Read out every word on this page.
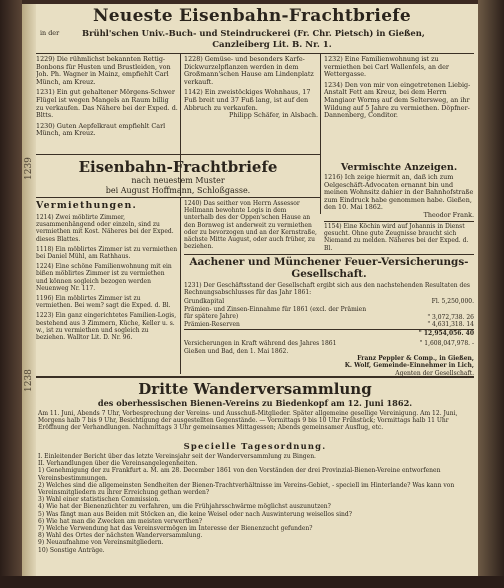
Neueste Eisenbahn-Frachtbriefe
in der	Brühl'schen Univ.-Buch- und Steindruckerei (Fr. Chr. Pietsch) in Gießen,
Canzleiberg Lit. B. Nr. 1.
1229) Die rühmlichst bekannten Rettig-Bonbons für Husten und Brustleiden, von Joh. Ph. Wagner in Mainz, empfiehlt Carl Münch, am Kreuz.
1231) Ein gut gehaltener Mörgens-Schwer Flügel ist wegen Mangels an Raum billig zu verkaufen. Das Nähere bei der Exped. d. Bltts.
1230) Guten Aepfelkraut empfiehlt Carl Münch, am Kreuz.
1228) Gemüse- und besonders Karfe-Dickwurzelpflanzen werden in dem Großmann'schen Hause am Lindenplatz verkauft.
1142) Ein zweistöckiges Wohnhaus, 17 Fuß breit und 37 Fuß lang, ist auf den Abbruch zu verkaufen.
Philipp Schäfer, in Alsbach.
1232) Eine Familienwohnung ist zu vermiethen bei Carl Wallenfels, an der Wettergasse.
1234) Den von mir von eingetretenen Liebig-Anstalt Fett am Kreuz, bei dem Herrn Mangiaor Wormş auf dem Seltersweg, an ihr Wildung auf 5 Jahre zu vermiethen. Döpfner-Dannenberg, Conditor.
Eisenbahn-Frachtbriefe
nach neuestem Muster
bei August Hoffmann, Schloßgasse.
Vermischte Anzeigen.
1216) Ich zeige hiermit an, daß ich zum Oelgeschäft-Advocaten ernannt bin und meinen Wohnsitz dahier in der Bahnhofstraße zum Eindruck habe genommen habe. Gießen, den 10. Mai 1862.
Theodor Frank.
Vermiethungen.
1214) Zwei möblirte Zimmer, zusammenhängend oder einzeln, sind zu vermiethen mit Kost. Näheres bei der Exped. dieses Blattes.
1118) Ein möblirtes Zimmer ist zu vermiethen bei Daniel Mühl, am Rathhaus.
1224) Eine schöne Familienwohnung mit ein bißen möblirtes Zimmer ist zu vermiethen und können sogleich bezogen werden Neuenweg Nr. 117.
1196) Ein möblirtes Zimmer ist zu vermiethen. Bei wem? sagt die Exped. d. Bl.
1223) Ein ganz eingerichtetes Familien-Logis, bestehend aus 3 Zimmern, Küche, Keller u. s. w., ist zu vermiethen und sogleich zu beziehen. Walltor Lit. D. Nr. 96.
1240) Das seither von Herrn Assessor Hellmann bewohnte Logis in dem unterhalb des der Oppen'schen Hause an den Bornweg ist anderweit zu vermiethen oder zu bevorzogen und an der Kernstraße, nächste Mitte August, oder auch früher, zu beziehen.
1154) Eine Köchin wird auf Johannis in Dienst gesucht. Ohne gute Zeugnisse braucht sich Niemand zu melden. Näheres bei der Exped. d. Bl.
Aachener und Münchener Feuer-Versicherungs-Gesellschaft.
1231) Der Geschäftsstand der Gesellschaft ergibt sich aus den nachstehenden Resultaten des Rechnungsabschlusses für das Jahr 1861:
Grundkapital	Fl. 5,250,000.
Prämien- und Zinsen-Einnahme für 1861 (excl. der Prämien für spätere Jahre)	" 3,072,738. 26
Prämien-Reserven	" 4,631,318. 14
" 12,954,056. 40
Versicherungen in Kraft während des Jahres 1861	" 1,608,047,978. -
Gießen und Bad, den 1. Mai 1862.
Franz Peppler & Comp., in Gießen,
K. Wolf, Gemeinde-Einnehmer in Lich,
Agenten der Gesellschaft.
Dritte Wanderversammlung
des oberhessischen Bienen-Vereins zu Biedenkopf am 12. Juni 1862.
Am 11. Juni, Abends 7 Uhr, Vorbesprechung der Vereins- und Ausschuß-Mitglieder. Später allgemeine gesellige Vereinigung. Am 12. Juni, Morgens halb 7 bis 9 Uhr, Besichtigung der ausgestellten Gegenstände. — Vormittags 9 bis 10 Uhr Frühstück; Vormittags halb 11 Uhr Eröffnung der Verhandlungen. Nachmittags 3 Uhr gemeinsames Mittagessen; Abends gemeinsamer Ausflug, etc.
Specielle Tagesordnung.
I. Einleitender Bericht über das letzte Vereinsjahr seit der Wanderversammlung zu Bingen.
II. Verhandlungen über die Vereinsangelegenheiten.
1) Genehmigung der zu Frankfurt a. M. am 28. December 1861 von den Vorständen der drei Provinzial-Bienen-Vereine entworfenen Vereinsbestimmungen.
2) Welches sind die allgemeinsten Sendheiten der Bienen-Trachtverhältnisse im Vereins-Gebiet, - speciell im Hinterlande? Was kann von Vereinsmitgliedern zu ihrer Erreichung gethan werden?
3) Wahl einer statistischen Commission.
4) Wie hat der Bienenzüchter zu verfahren, um die Frühjahrsschwärme möglichst auszunutzen?
5) Was fängt man aus Beiden mit Stöcken an, die keine Weisel oder nach Auswinterung weisellos sind?
6) Wie hat man die Zwecken am meisten verwerthen?
7) Welche Verwendung hat das Vereinsvermögen im Interesse der Bienenzucht gefunden?
8) Wahl des Ortes der nächsten Wanderversammlung.
9) Neuaufnahme von Vereinsmitgliedern.
10) Sonstige Anträge.
1239
1238
